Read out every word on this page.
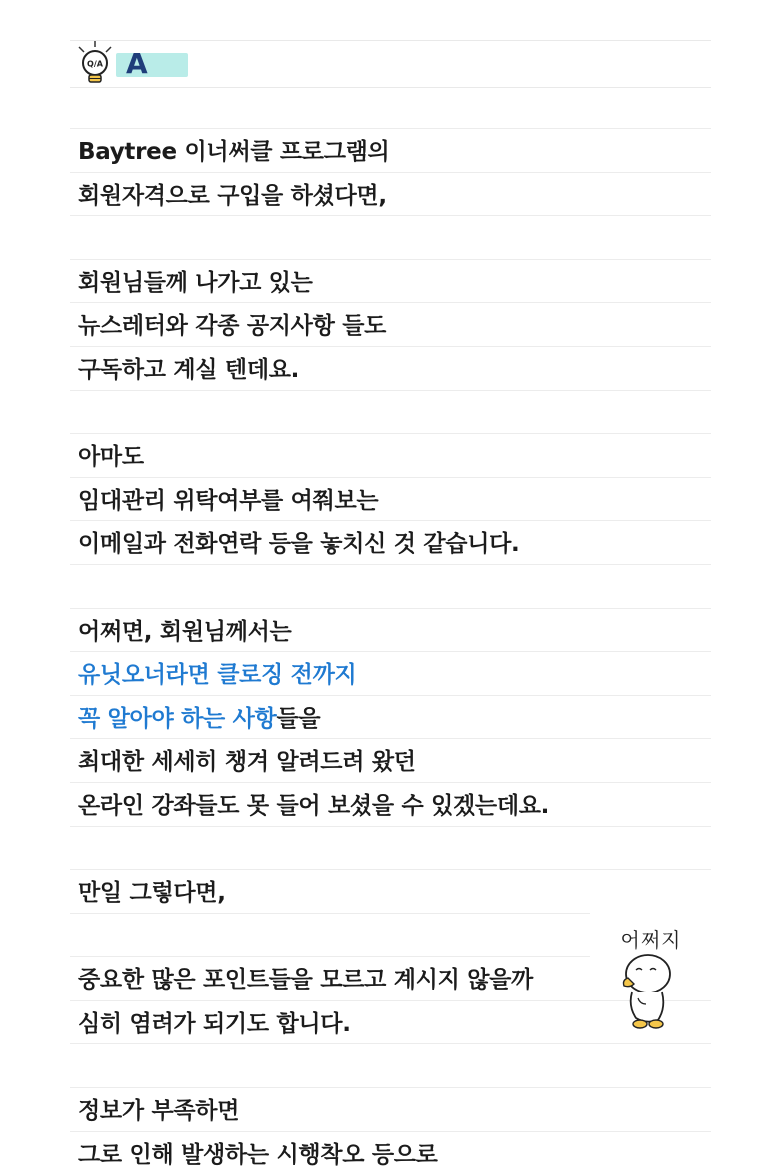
Q/A A
Baytree 이너써클 프로그램의
회원자격으로 구입을 하셨다면,
회원님들께 나가고 있는
뉴스레터와 각종 공지사항 들도
구독하고 계실 텐데요.
아마도
임대관리 위탁여부를 여쭤보는
이메일과 전화연락 등을 놓치신 것 같습니다.
어쩌면, 회원님께서는
유닛오너라면 클로징 전까지
꼭 알아야 하는 사항들을
최대한 세세히 챙겨 알려드려 왔던
온라인 강좌들도 못 들어 보셨을 수 있겠는데요.
만일 그렇다면,
중요한 많은 포인트들을 모르고 계시지 않을까
심히 염려가 되기도 합니다.
정보가 부족하면
그로 인해 발생하는 시행착오 등으로
어쩌지
